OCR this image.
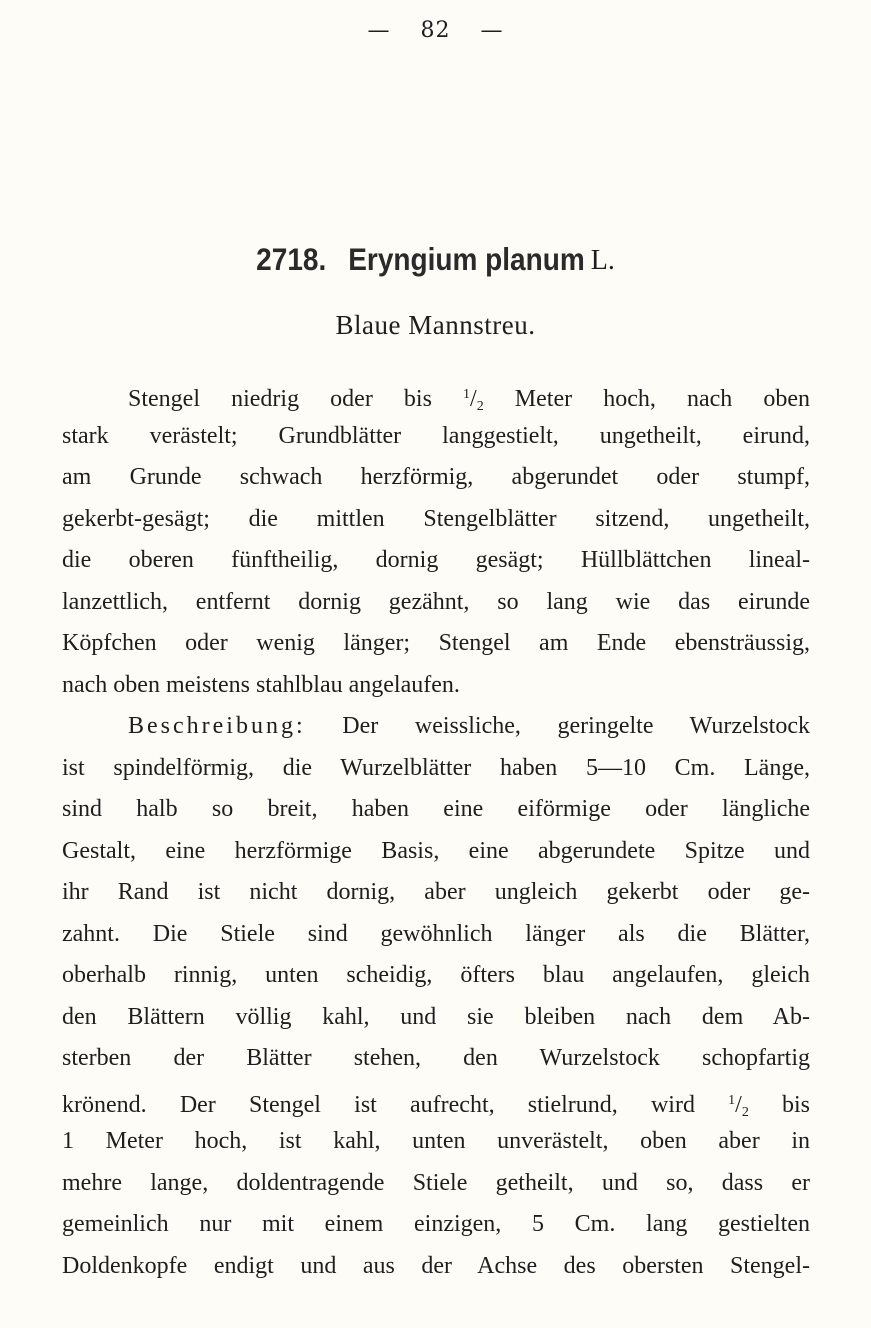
— 82 —
2718. Eryngium planum L.
Blaue Mannstreu.
Stengel niedrig oder bis $^1/_2$ Meter hoch, nach oben
stark verästelt; Grundblätter langgestielt, ungetheilt, eirund,
am Grunde schwach herzförmig, abgerundet oder stumpf,
gekerbt-gesägt; die mittlen Stengelblätter sitzend, ungetheilt,
die oberen fünftheilig, dornig gesägt; Hüllblättchen lineal-
lanzettlich, entfernt dornig gezähnt, so lang wie das eirunde
Köpfchen oder wenig länger; Stengel am Ende ebensträussig,
nach oben meistens stahlblau angelaufen.
Beschreibung: Der weissliche, geringelte Wurzelstock
ist spindelförmig, die Wurzelblätter haben 5—10 Cm. Länge,
sind halb so breit, haben eine eiförmige oder längliche
Gestalt, eine herzförmige Basis, eine abgerundete Spitze und
ihr Rand ist nicht dornig, aber ungleich gekerbt oder ge-
zahnt. Die Stiele sind gewöhnlich länger als die Blätter,
oberhalb rinnig, unten scheidig, öfters blau angelaufen, gleich
den Blättern völlig kahl, und sie bleiben nach dem Ab-
sterben der Blätter stehen, den Wurzelstock schopfartig
krönend. Der Stengel ist aufrecht, stielrund, wird $^1/_2$ bis
1 Meter hoch, ist kahl, unten unverästelt, oben aber in
mehre lange, doldentragende Stiele getheilt, und so, dass er
gemeinlich nur mit einem einzigen, 5 Cm. lang gestielten
Doldenkopfe endigt und aus der Achse des obersten Stengel-
